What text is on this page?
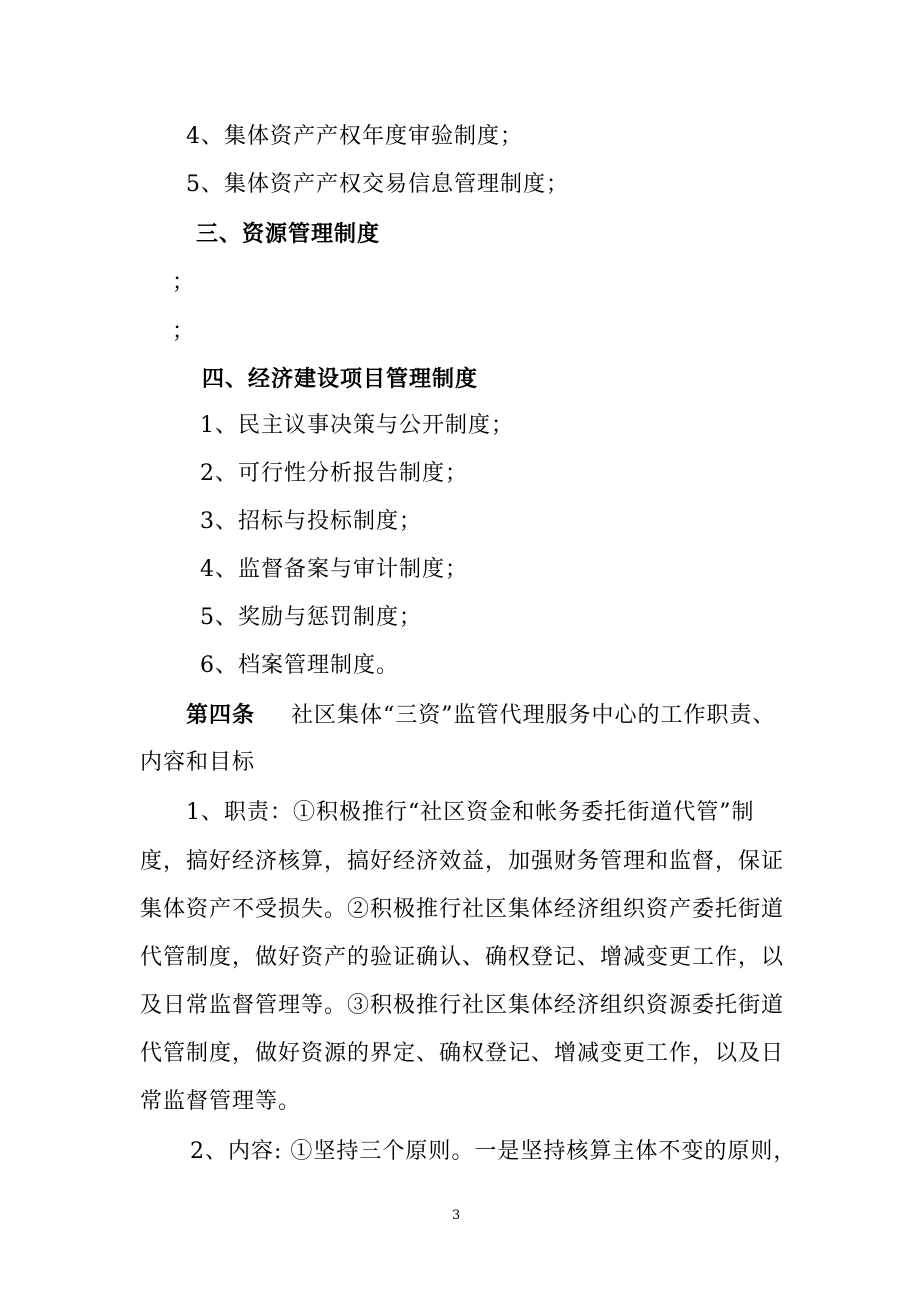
4、集体资产产权年度审验制度；
5、集体资产产权交易信息管理制度；
三、资源管理制度
；
；
四、经济建设项目管理制度
1、民主议事决策与公开制度；
2、可行性分析报告制度；
3、招标与投标制度；
4、监督备案与审计制度；
5、奖励与惩罚制度；
6、档案管理制度。
第四条 社区集体“三资”监管代理服务中心的工作职责、
内容和目标
1、职责：①积极推行“社区资金和帐务委托街道代管”制
度，搞好经济核算，搞好经济效益，加强财务管理和监督，保证
集体资产不受损失。②积极推行社区集体经济组织资产委托街道
代管制度，做好资产的验证确认、确权登记、增减变更工作，以
及日常监督管理等。③积极推行社区集体经济组织资源委托街道
代管制度，做好资源的界定、确权登记、增减变更工作，以及日
常监督管理等。
2、内容: ①坚持三个原则。一是坚持核算主体不变的原则，
3
